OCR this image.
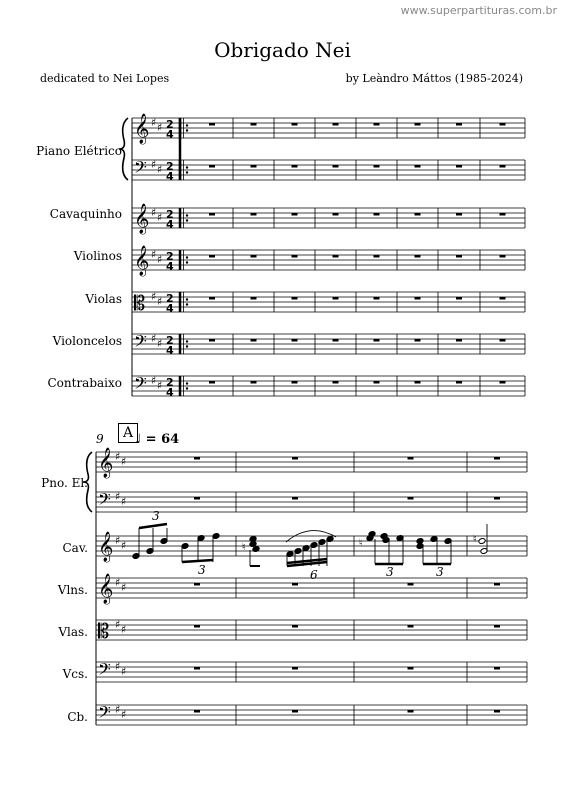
www.superpartituras.com.br
Obrigado Nei
dedicated to Nei Lopes	by Leàndro Máttos (1985-2024)
Piano Elétrico
Cavaquinho
Violinos
Violas
Violoncelos
Contrabaixo
Pno. El.
Cav.
Vlns.
Vlas.
Vcs.
Cb.
9	A ♩ = 64
𝄞 ♯ ♯ 2
4
𝄢 ♯ ♯ 2
4
𝄞 ♯ ♯ 2
4
𝄞 ♯ ♯ 2
4
𝄡 ♯ ♯ 2
4
𝄢 ♯ ♯ 2
4
𝄢 ♯ ♯ 2
4
𝄞 ♯ ♯
𝄢 ♯ ♯
𝄞 ♯ ♯
𝄞 ♯ ♯
𝄡 ♯ ♯
𝄢 ♯ ♯
𝄢 ♯ ♯
♮	♮	♮
3
3	6	3	3
